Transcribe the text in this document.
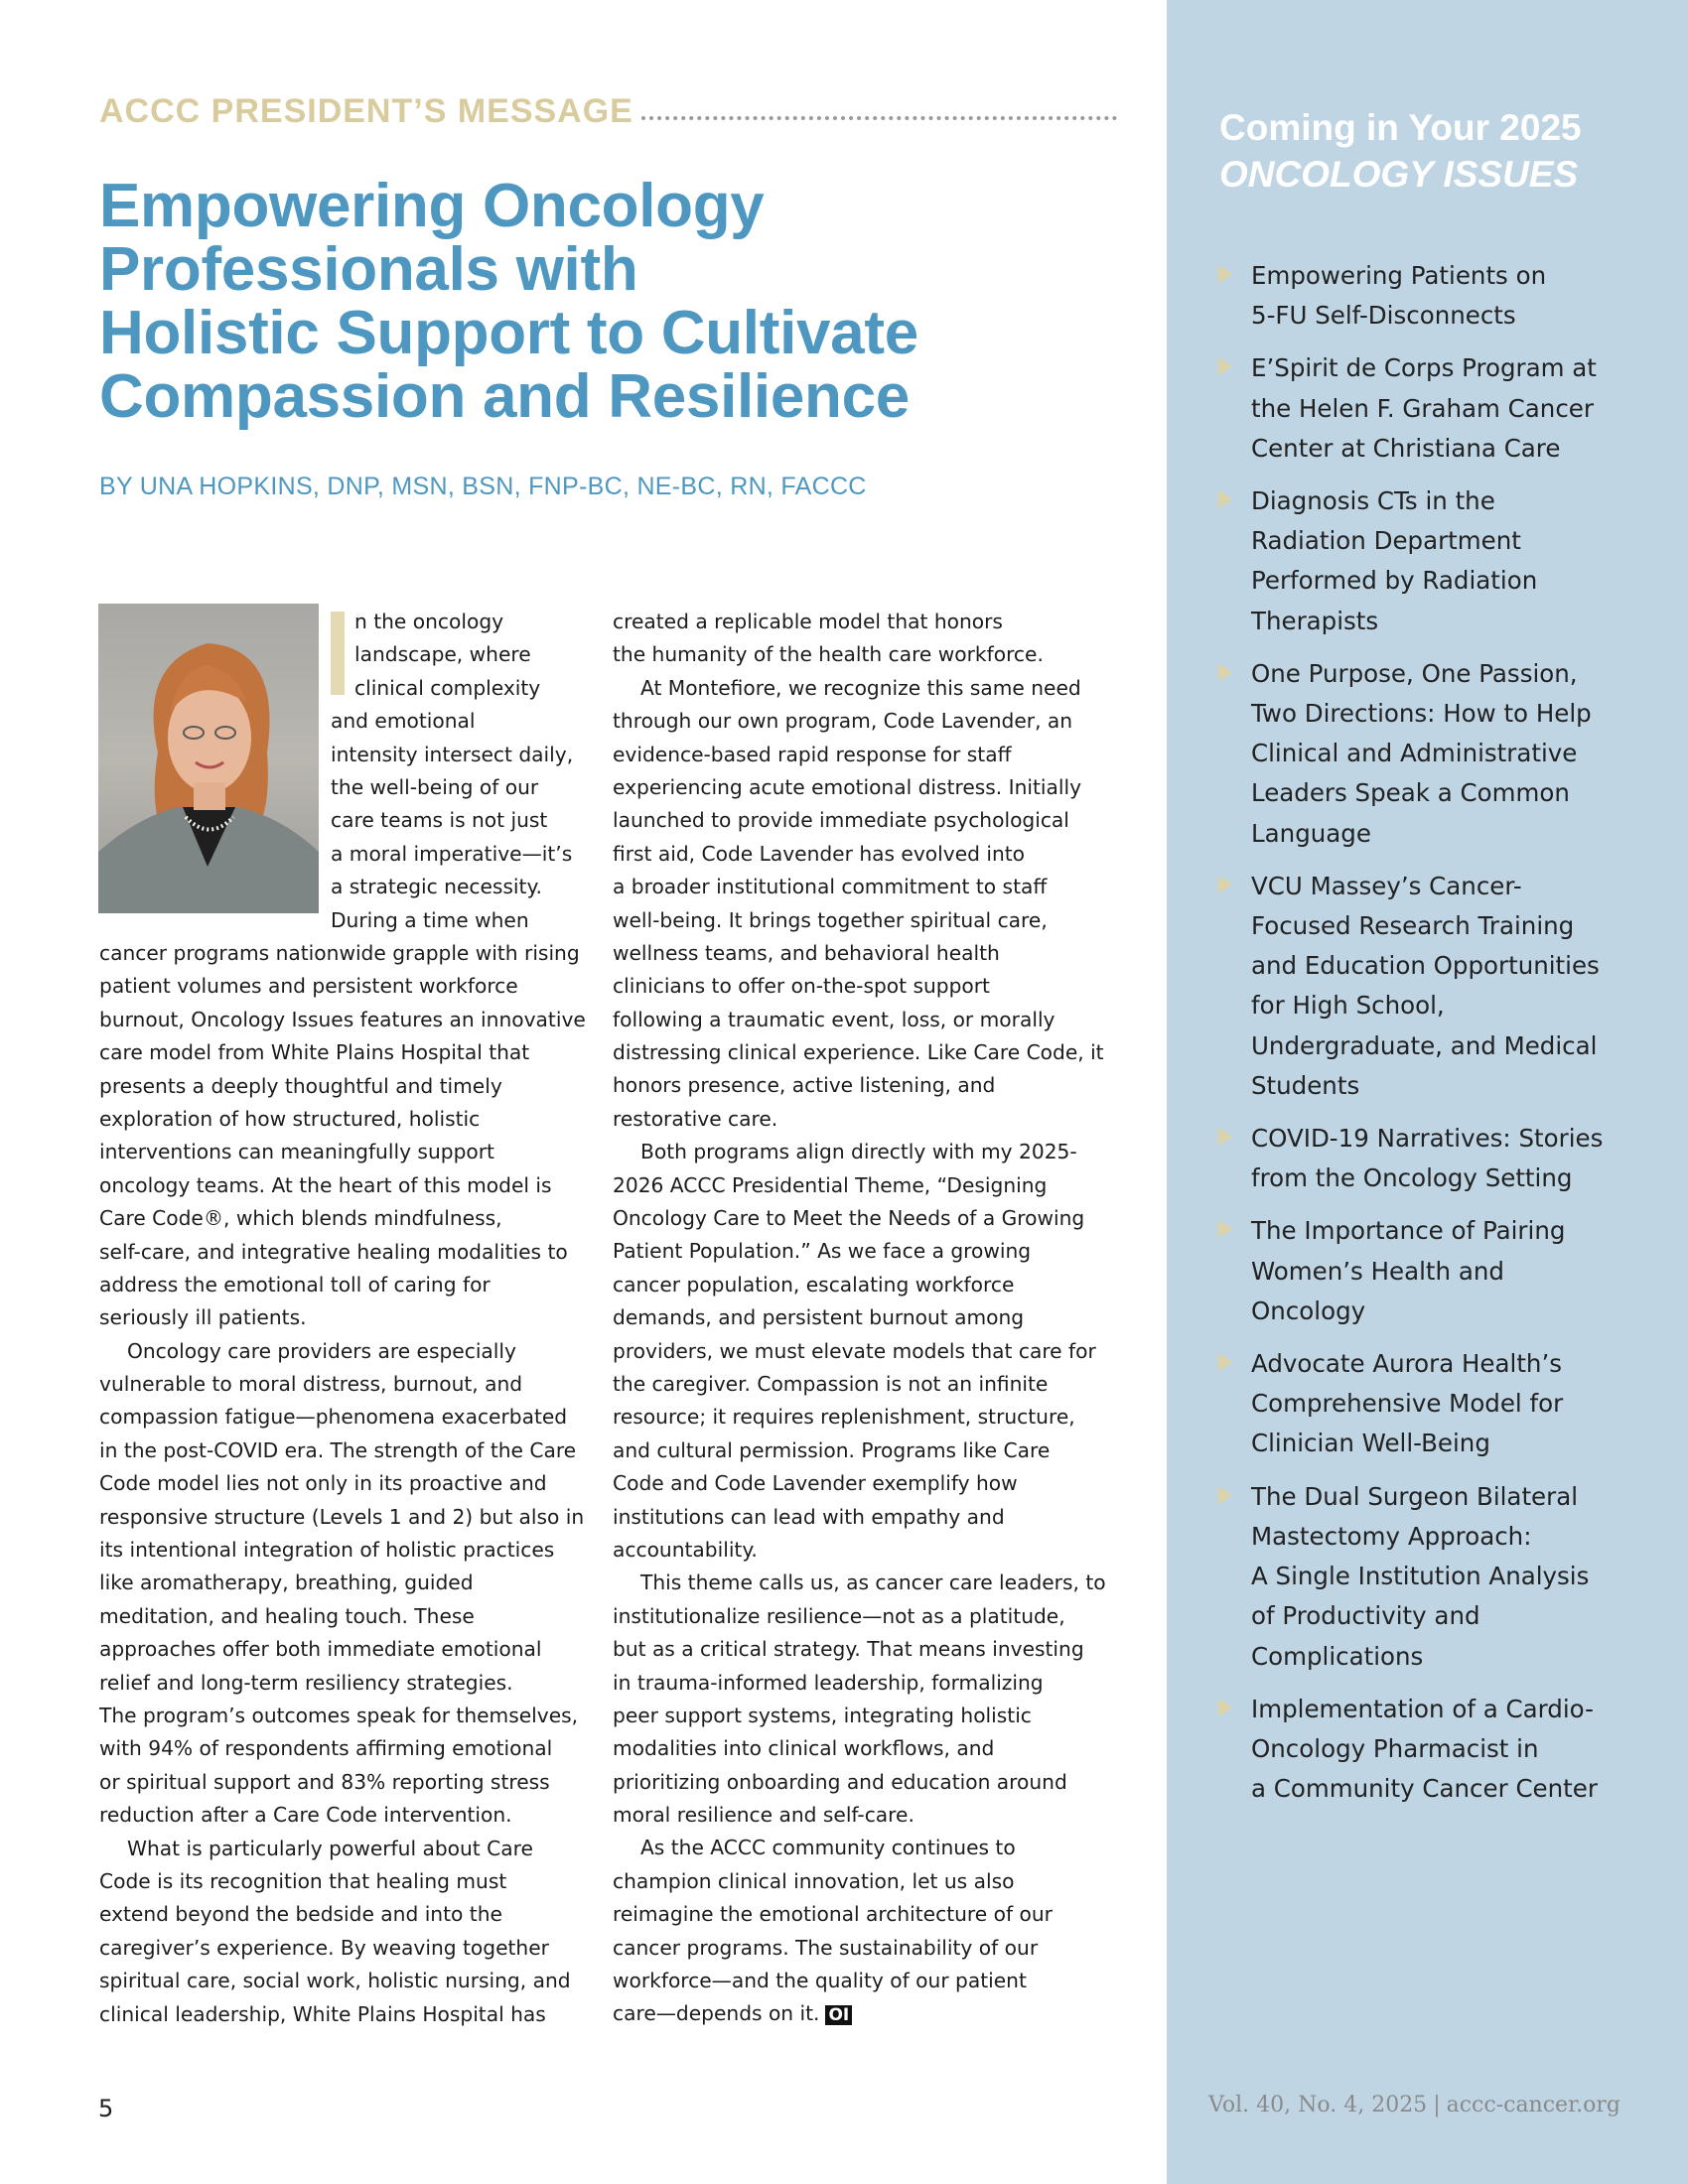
ACCC PRESIDENT’S MESSAGE
Empowering Oncology
Professionals with
Holistic Support to Cultivate
Compassion and Resilience
BY UNA HOPKINS, DNP, MSN, BSN, FNP-BC, NE-BC, RN, FACCC
n the oncology
landscape, where
clinical complexity
and emotional
intensity intersect daily,
the well-being of our
care teams is not just
a moral imperative—it’s
a strategic necessity.
During a time when
cancer programs nationwide grapple with rising
patient volumes and persistent workforce
burnout, Oncology Issues features an innovative
care model from White Plains Hospital that
presents a deeply thoughtful and timely
exploration of how structured, holistic
interventions can meaningfully support
oncology teams. At the heart of this model is
Care Code®, which blends mindfulness,
self-care, and integrative healing modalities to
address the emotional toll of caring for
seriously ill patients.
Oncology care providers are especially
vulnerable to moral distress, burnout, and
compassion fatigue—phenomena exacerbated
in the post-COVID era. The strength of the Care
Code model lies not only in its proactive and
responsive structure (Levels 1 and 2) but also in
its intentional integration of holistic practices
like aromatherapy, breathing, guided
meditation, and healing touch. These
approaches offer both immediate emotional
relief and long-term resiliency strategies.
The program’s outcomes speak for themselves,
with 94% of respondents affirming emotional
or spiritual support and 83% reporting stress
reduction after a Care Code intervention.
What is particularly powerful about Care
Code is its recognition that healing must
extend beyond the bedside and into the
caregiver’s experience. By weaving together
spiritual care, social work, holistic nursing, and
clinical leadership, White Plains Hospital has
created a replicable model that honors
the humanity of the health care workforce.
At Montefiore, we recognize this same need
through our own program, Code Lavender, an
evidence-based rapid response for staff
experiencing acute emotional distress. Initially
launched to provide immediate psychological
first aid, Code Lavender has evolved into
a broader institutional commitment to staff
well-being. It brings together spiritual care,
wellness teams, and behavioral health
clinicians to offer on-the-spot support
following a traumatic event, loss, or morally
distressing clinical experience. Like Care Code, it
honors presence, active listening, and
restorative care.
Both programs align directly with my 2025-
2026 ACCC Presidential Theme, “Designing
Oncology Care to Meet the Needs of a Growing
Patient Population.” As we face a growing
cancer population, escalating workforce
demands, and persistent burnout among
providers, we must elevate models that care for
the caregiver. Compassion is not an infinite
resource; it requires replenishment, structure,
and cultural permission. Programs like Care
Code and Code Lavender exemplify how
institutions can lead with empathy and
accountability.
This theme calls us, as cancer care leaders, to
institutionalize resilience—not as a platitude,
but as a critical strategy. That means investing
in trauma-informed leadership, formalizing
peer support systems, integrating holistic
modalities into clinical workflows, and
prioritizing onboarding and education around
moral resilience and self-care.
As the ACCC community continues to
champion clinical innovation, let us also
reimagine the emotional architecture of our
cancer programs. The sustainability of our
workforce—and the quality of our patient
care—depends on it. OI
Coming in Your 2025
ONCOLOGY ISSUES
Empowering Patients on
5-FU Self-Disconnects
E’Spirit de Corps Program at
the Helen F. Graham Cancer
Center at Christiana Care
Diagnosis CTs in the
Radiation Department
Performed by Radiation
Therapists
One Purpose, One Passion,
Two Directions: How to Help
Clinical and Administrative
Leaders Speak a Common
Language
VCU Massey’s Cancer-
Focused Research Training
and Education Opportunities
for High School,
Undergraduate, and Medical
Students
COVID-19 Narratives: Stories
from the Oncology Setting
The Importance of Pairing
Women’s Health and
Oncology
Advocate Aurora Health’s
Comprehensive Model for
Clinician Well-Being
The Dual Surgeon Bilateral
Mastectomy Approach:
A Single Institution Analysis
of Productivity and
Complications
Implementation of a Cardio-
Oncology Pharmacist in
a Community Cancer Center
5	Vol. 40, No. 4, 2025 | accc-cancer.org
